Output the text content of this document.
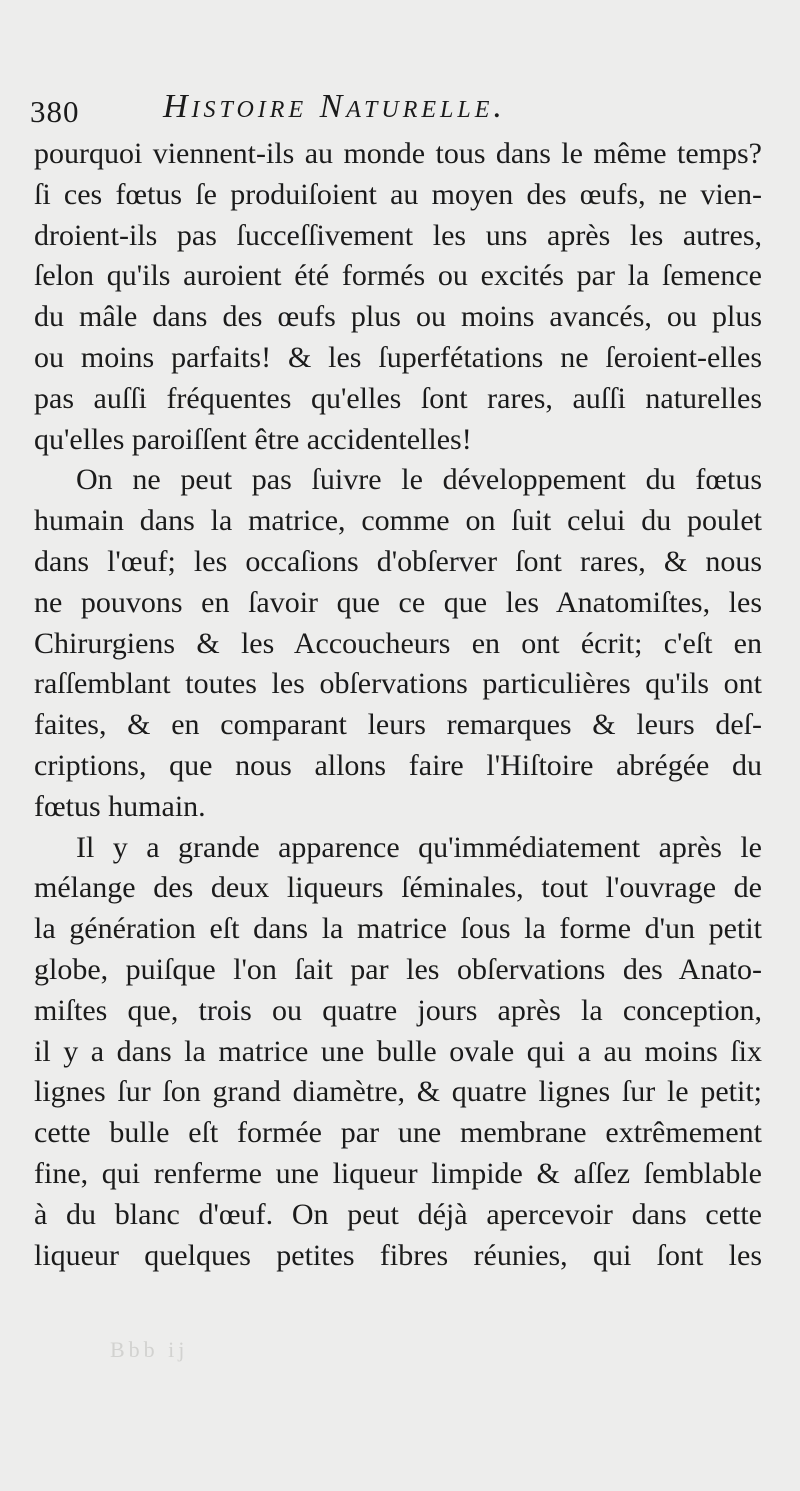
380 Histoire Naturelle.
pourquoi viennent-ils au monde tous dans le même temps?
ſi ces fœtus ſe produiſoient au moyen des œufs, ne vien-
droient-ils pas ſucceſſivement les uns après les autres,
ſelon qu'ils auroient été formés ou excités par la ſemence
du mâle dans des œufs plus ou moins avancés, ou plus
ou moins parfaits! & les ſuperfétations ne ſeroient-elles
pas auſſi fréquentes qu'elles ſont rares, auſſi naturelles
qu'elles paroiſſent être accidentelles!
On ne peut pas ſuivre le développement du fœtus
humain dans la matrice, comme on ſuit celui du poulet
dans l'œuf; les occaſions d'obſerver ſont rares, & nous
ne pouvons en ſavoir que ce que les Anatomiſtes, les
Chirurgiens & les Accoucheurs en ont écrit; c'eſt en
raſſemblant toutes les obſervations particulières qu'ils ont
faites, & en comparant leurs remarques & leurs deſ-
criptions, que nous allons faire l'Hiſtoire abrégée du
fœtus humain.
Il y a grande apparence qu'immédiatement après le
mélange des deux liqueurs ſéminales, tout l'ouvrage de
la génération eſt dans la matrice ſous la forme d'un petit
globe, puiſque l'on ſait par les obſervations des Anato-
miſtes que, trois ou quatre jours après la conception,
il y a dans la matrice une bulle ovale qui a au moins ſix
lignes ſur ſon grand diamètre, & quatre lignes ſur le petit;
cette bulle eſt formée par une membrane extrêmement
fine, qui renferme une liqueur limpide & aſſez ſemblable
à du blanc d'œuf. On peut déjà apercevoir dans cette
liqueur quelques petites fibres réunies, qui ſont les
Bbb ij
